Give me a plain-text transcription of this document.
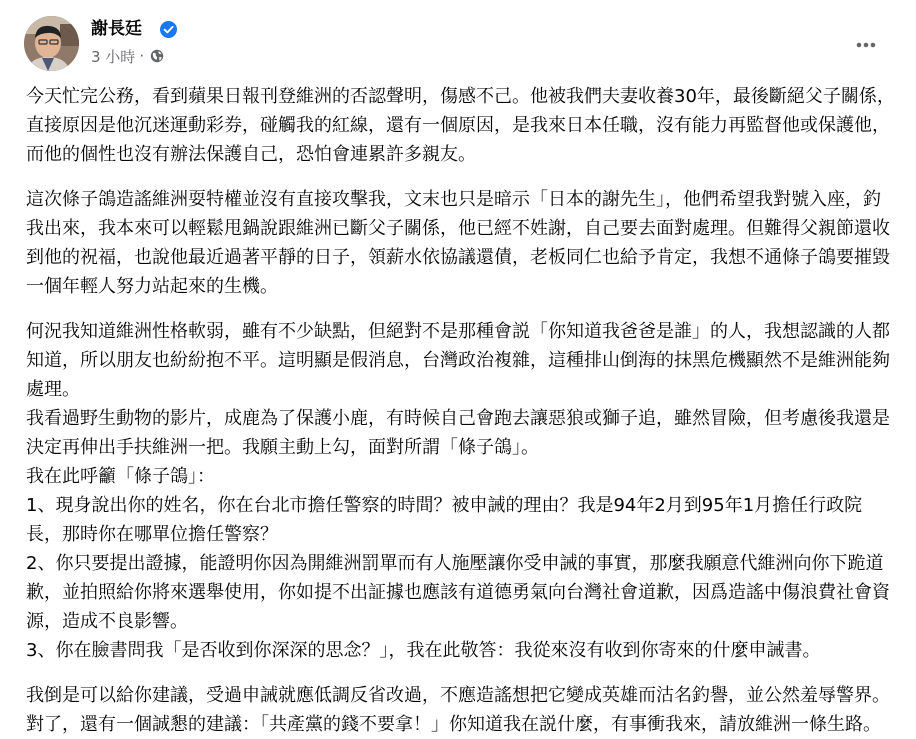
謝長廷
3 小時 ·

今天忙完公務，看到蘋果日報刊登維洲的否認聲明，傷感不己。他被我們夫妻收養30年，最後斷絕父子關係，直接原因是他沉迷運動彩券，碰觸我的紅線，還有一個原因，是我來日本任職，沒有能力再監督他或保護他，而他的個性也沒有辦法保護自己，恐怕會連累許多親友。

這次條子鴿造謠維洲耍特權並沒有直接攻擊我，文末也只是暗示「日本的謝先生」，他們希望我對號入座，釣我出來，我本來可以輕鬆甩鍋說跟維洲已斷父子關係，他已經不姓謝，自己要去面對處理。但難得父親節還收到他的祝福，也說他最近過著平靜的日子，領薪水依協議還債，老板同仁也給予肯定，我想不通條子鴿要摧毀一個年輕人努力站起來的生機。

何況我知道維洲性格軟弱，雖有不少缺點，但絕對不是那種會説「你知道我爸爸是誰」的人，我想認識的人都知道，所以朋友也紛紛抱不平。這明顯是假消息，台灣政治複雜，這種排山倒海的抹黑危機顯然不是維洲能夠處理。

我看過野生動物的影片，成鹿為了保護小鹿，有時候自己會跑去讓惡狼或獅子追，雖然冒險，但考慮後我還是決定再伸出手扶維洲一把。我願主動上勾，面對所謂「條子鴿」。

我在此呼籲「條子鴿」：

1、現身說出你的姓名，你在台北市擔任警察的時間？被申誡的理由？我是94年2月到95年1月擔任行政院長，那時你在哪單位擔任警察？

2、你只要提出證據，能證明你因為開維洲罰單而有人施壓讓你受申誡的事實，那麼我願意代維洲向你下跪道歉，並拍照給你將來選舉使用，你如提不出証據也應該有道德勇氣向台灣社會道歉，因爲造謠中傷浪費社會資源，造成不良影響。

3、你在臉書問我「是否收到你深深的思念？」，我在此敬答：我從來沒有收到你寄來的什麼申誡書。

我倒是可以給你建議，受過申誡就應低調反省改過，不應造謠想把它變成英雄而沽名釣譽，並公然羞辱警界。對了，還有一個誠懇的建議：「共產黨的錢不要拿！」你知道我在説什麼，有事衝我來，請放維洲一條生路。
